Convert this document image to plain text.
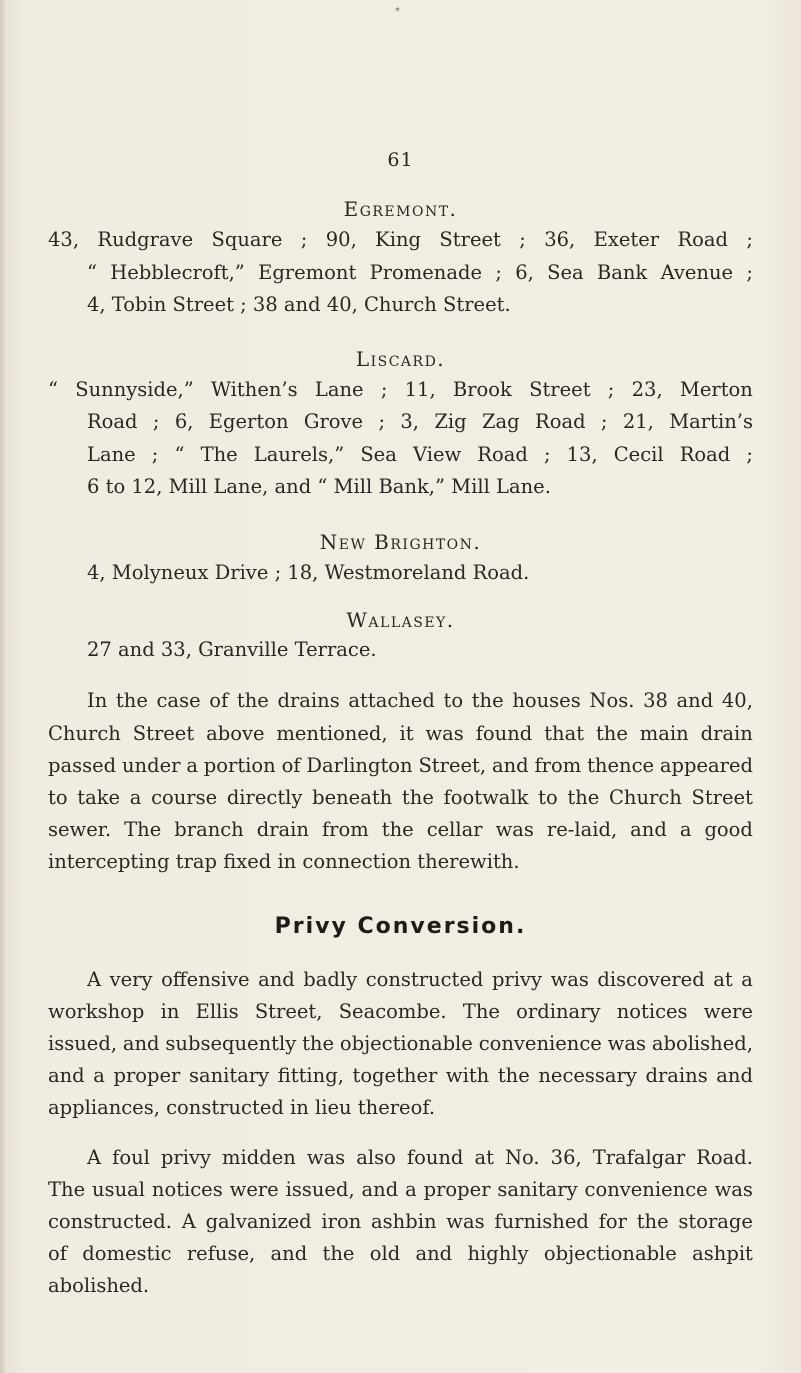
*
61
Egremont.
43, Rudgrave Square ; 90, King Street ; 36, Exeter Road ;
“ Hebblecroft,” Egremont Promenade ; 6, Sea Bank Avenue ;
4, Tobin Street ; 38 and 40, Church Street.
Liscard.
“ Sunnyside,” Withen’s Lane ; 11, Brook Street ; 23, Merton
Road ; 6, Egerton Grove ; 3, Zig Zag Road ; 21, Martin’s
Lane ; “ The Laurels,” Sea View Road ; 13, Cecil Road ;
6 to 12, Mill Lane, and “ Mill Bank,” Mill Lane.
New Brighton.
4, Molyneux Drive ; 18, Westmoreland Road.
Wallasey.
27 and 33, Granville Terrace.
In the case of the drains attached to the houses Nos. 38 and 40,
Church Street above mentioned, it was found that the main drain
passed under a portion of Darlington Street, and from thence appeared
to take a course directly beneath the footwalk to the Church Street
sewer. The branch drain from the cellar was re-laid, and a good
intercepting trap fixed in connection therewith.
Privy Conversion.
A very offensive and badly constructed privy was discovered at a
workshop in Ellis Street, Seacombe. The ordinary notices were
issued, and subsequently the objectionable convenience was abolished,
and a proper sanitary fitting, together with the necessary drains and
appliances, constructed in lieu thereof.
A foul privy midden was also found at No. 36, Trafalgar Road.
The usual notices were issued, and a proper sanitary convenience was
constructed. A galvanized iron ashbin was furnished for the storage
of domestic refuse, and the old and highly objectionable ashpit
abolished.
